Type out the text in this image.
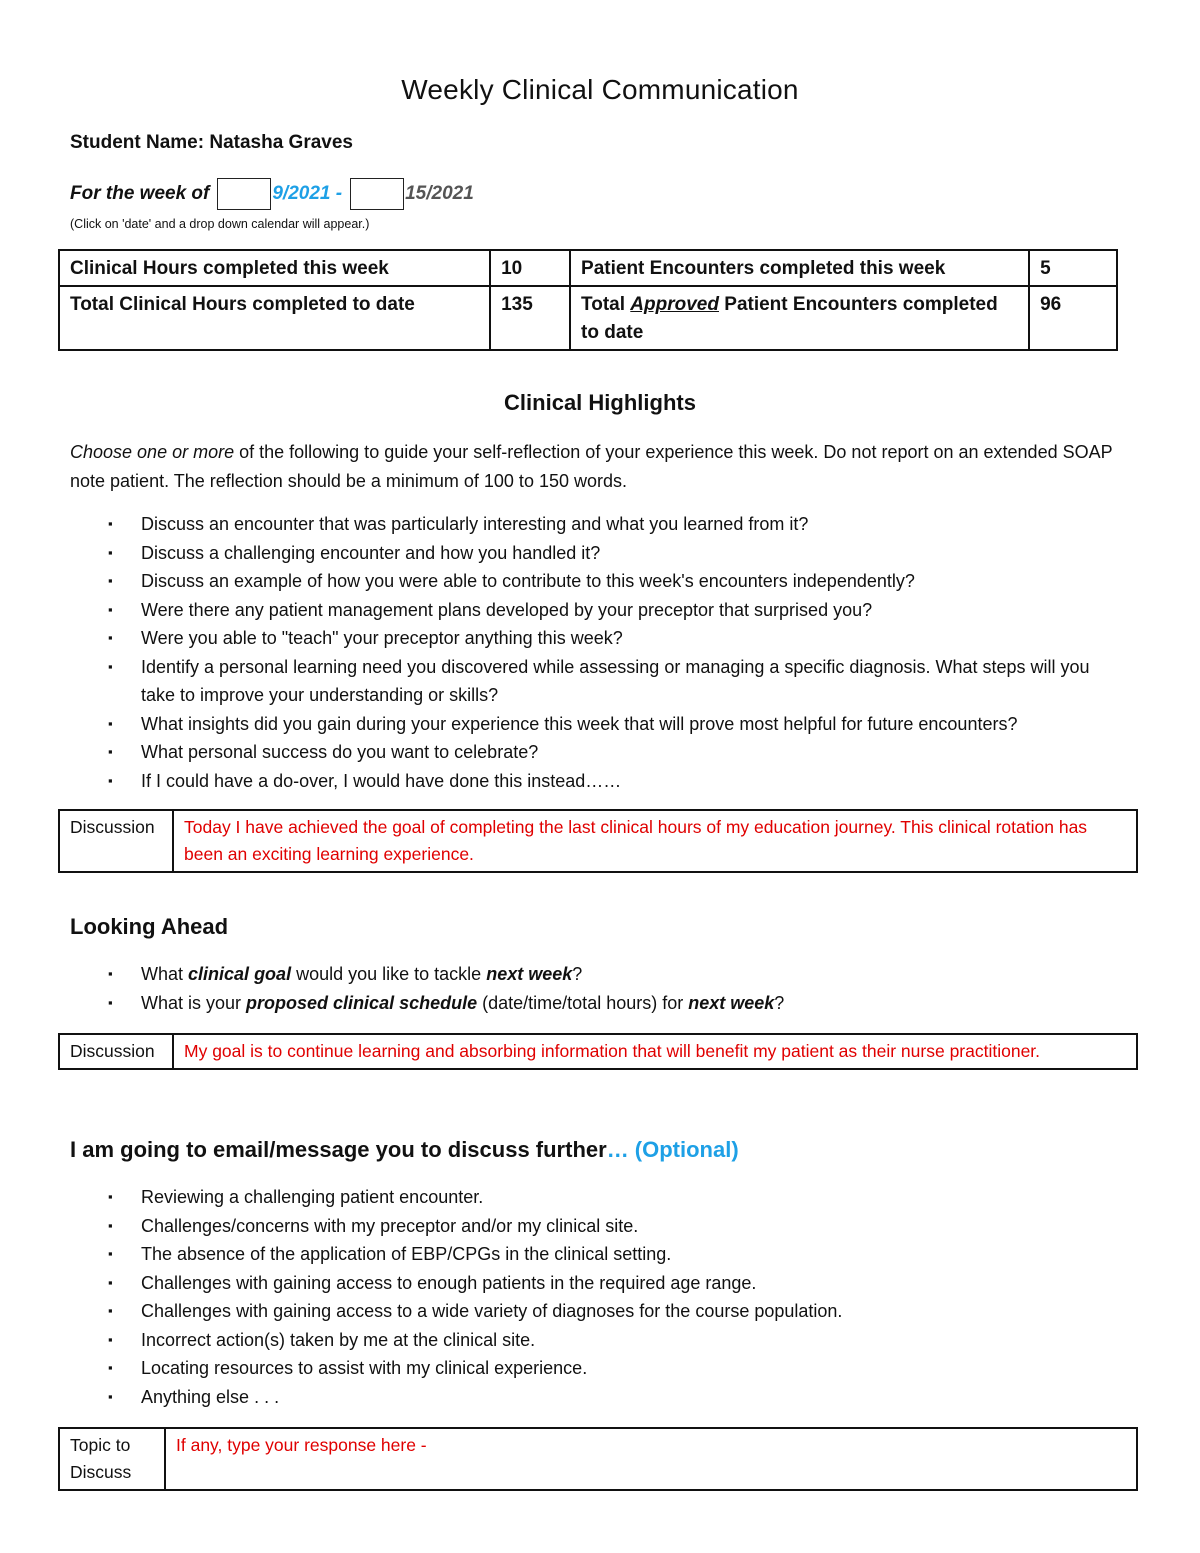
Weekly Clinical Communication
Student Name: Natasha Graves
For the week of	9/2021 -	15/2021
(Click on 'date' and a drop down calendar will appear.)
Clinical Hours completed this week	10	Patient Encounters completed this week	5
Total Clinical Hours completed to date	135	Total Approved Patient Encounters completed to date	96
Clinical Highlights
Choose one or more of the following to guide your self-reflection of your experience this week. Do not report on an extended SOAP note patient. The reflection should be a minimum of 100 to 150 words.
▪ Discuss an encounter that was particularly interesting and what you learned from it?
▪ Discuss a challenging encounter and how you handled it?
▪ Discuss an example of how you were able to contribute to this week's encounters independently?
▪ Were there any patient management plans developed by your preceptor that surprised you?
▪ Were you able to "teach" your preceptor anything this week?
▪ Identify a personal learning need you discovered while assessing or managing a specific diagnosis. What steps will you take to improve your understanding or skills?
▪ What insights did you gain during your experience this week that will prove most helpful for future encounters?
▪ What personal success do you want to celebrate?
▪ If I could have a do-over, I would have done this instead……
Discussion	Today I have achieved the goal of completing the last clinical hours of my education journey. This clinical rotation has been an exciting learning experience.
Looking Ahead
▪ What clinical goal would you like to tackle next week?
▪ What is your proposed clinical schedule (date/time/total hours) for next week?
Discussion	My goal is to continue learning and absorbing information that will benefit my patient as their nurse practitioner.
I am going to email/message you to discuss further… (Optional)
▪ Reviewing a challenging patient encounter.
▪ Challenges/concerns with my preceptor and/or my clinical site.
▪ The absence of the application of EBP/CPGs in the clinical setting.
▪ Challenges with gaining access to enough patients in the required age range.
▪ Challenges with gaining access to a wide variety of diagnoses for the course population.
▪ Incorrect action(s) taken by me at the clinical site.
▪ Locating resources to assist with my clinical experience.
▪ Anything else . . .
Topic to Discuss	If any, type your response here -
